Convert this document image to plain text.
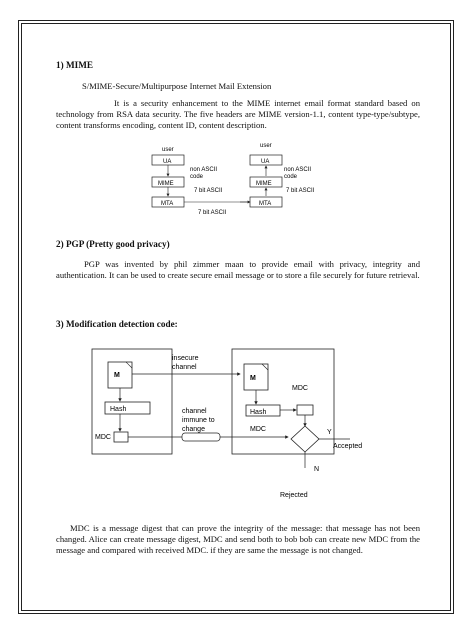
1) MIME
S/MIME-Secure/Multipurpose Internet Mail Extension
It is a security enhancement to the MIME internet email format standard based on technology from RSA data security. The five headers are MIME version-1.1, content type-type/subtype, content transforms encoding, content ID, content description.
user
UA
MIME
MTA
non ASCII
code
7 bit ASCII
7 bit ASCII
user
UA
MIME
MTA
non ASCII
code
7 bit ASCII
2) PGP (Pretty good privacy)
PGP was invented by phil zimmer maan to provide email with privacy, integrity and authentication. It can be used to create secure email message or to store a file securely for future retrieval.
3) Modification detection code:
M
Hash
MDC
insecure
channel
channel
immune to
change
M
MDC
Hash
MDC	Y
Accepted
N
Rejected
MDC is a message digest that can prove the integrity of the message: that message has not been changed. Alice can create message digest, MDC and send both to bob bob can create new MDC from the message and compared with received MDC. if they are same the message is not changed.
